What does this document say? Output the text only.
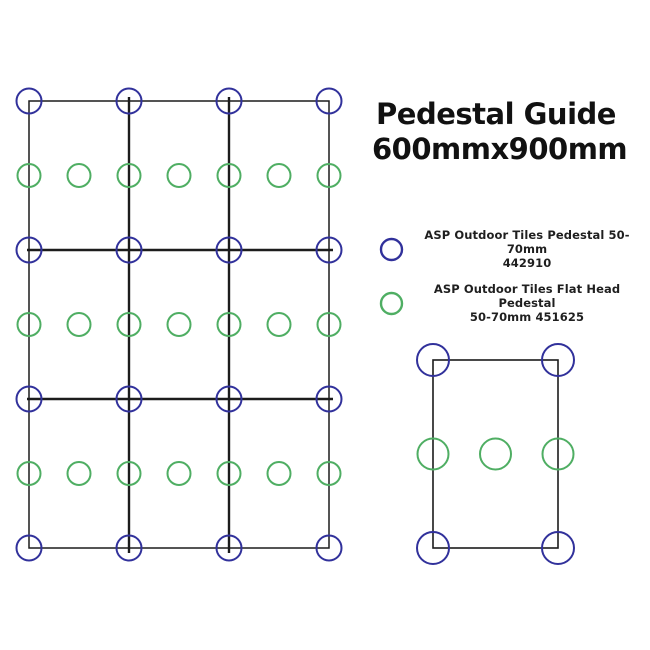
Pedestal Guide
600mmx900mm
ASP Outdoor Tiles Pedestal 50-70mm
442910
ASP Outdoor Tiles Flat Head Pedestal
50-70mm 451625
